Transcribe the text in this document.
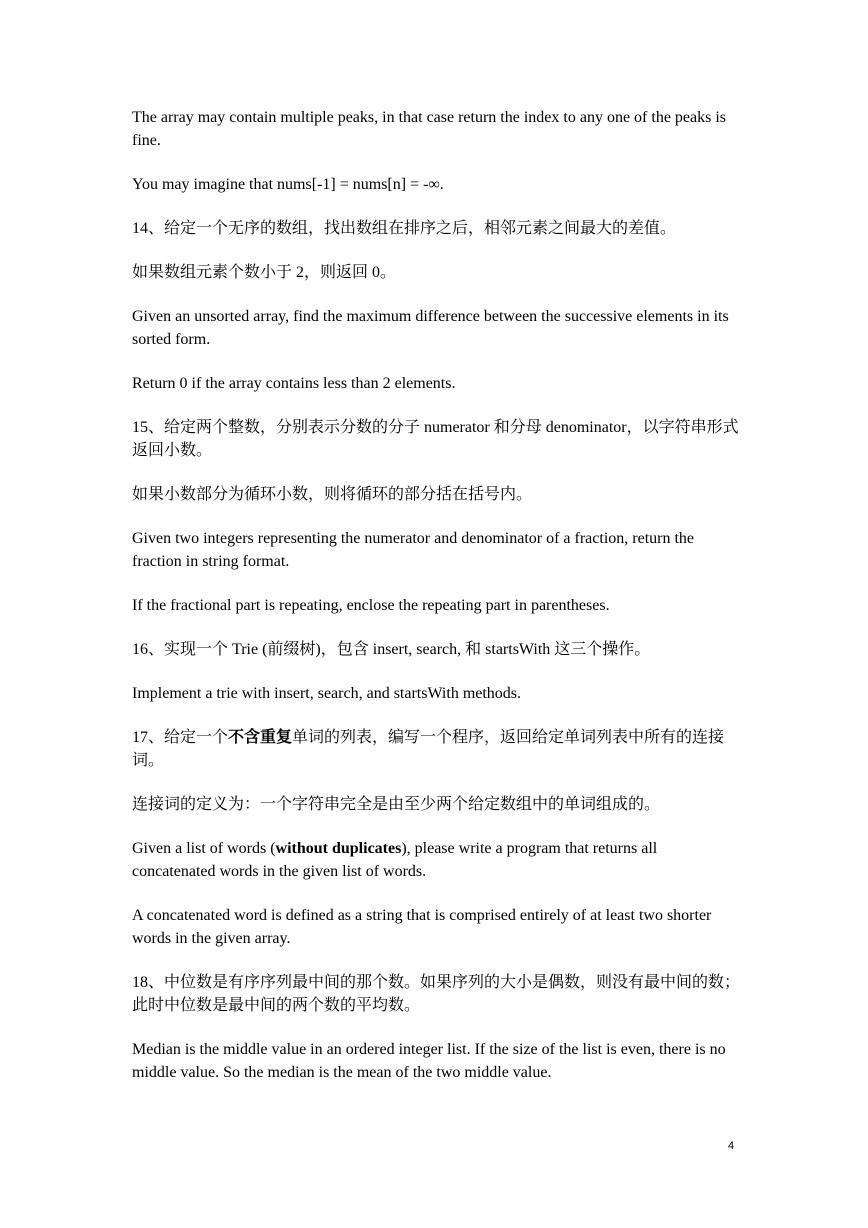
The array may contain multiple peaks, in that case return the index to any one of the peaks is fine.

You may imagine that nums[-1] = nums[n] = -∞.

14、给定一个无序的数组，找出数组在排序之后，相邻元素之间最大的差值。

如果数组元素个数小于 2，则返回 0。

Given an unsorted array, find the maximum difference between the successive elements in its sorted form.

Return 0 if the array contains less than 2 elements.

15、给定两个整数，分别表示分数的分子 numerator 和分母 denominator，以字符串形式返回小数。

如果小数部分为循环小数，则将循环的部分括在括号内。

Given two integers representing the numerator and denominator of a fraction, return the fraction in string format.

If the fractional part is repeating, enclose the repeating part in parentheses.

16、实现一个 Trie (前缀树)，包含 insert, search, 和 startsWith 这三个操作。

Implement a trie with insert, search, and startsWith methods.

17、给定一个不含重复单词的列表，编写一个程序，返回给定单词列表中所有的连接词。

连接词的定义为：一个字符串完全是由至少两个给定数组中的单词组成的。

Given a list of words (without duplicates), please write a program that returns all concatenated words in the given list of words.

A concatenated word is defined as a string that is comprised entirely of at least two shorter words in the given array.

18、中位数是有序序列最中间的那个数。如果序列的大小是偶数，则没有最中间的数；此时中位数是最中间的两个数的平均数。

Median is the middle value in an ordered integer list. If the size of the list is even, there is no middle value. So the median is the mean of the two middle value.

4
